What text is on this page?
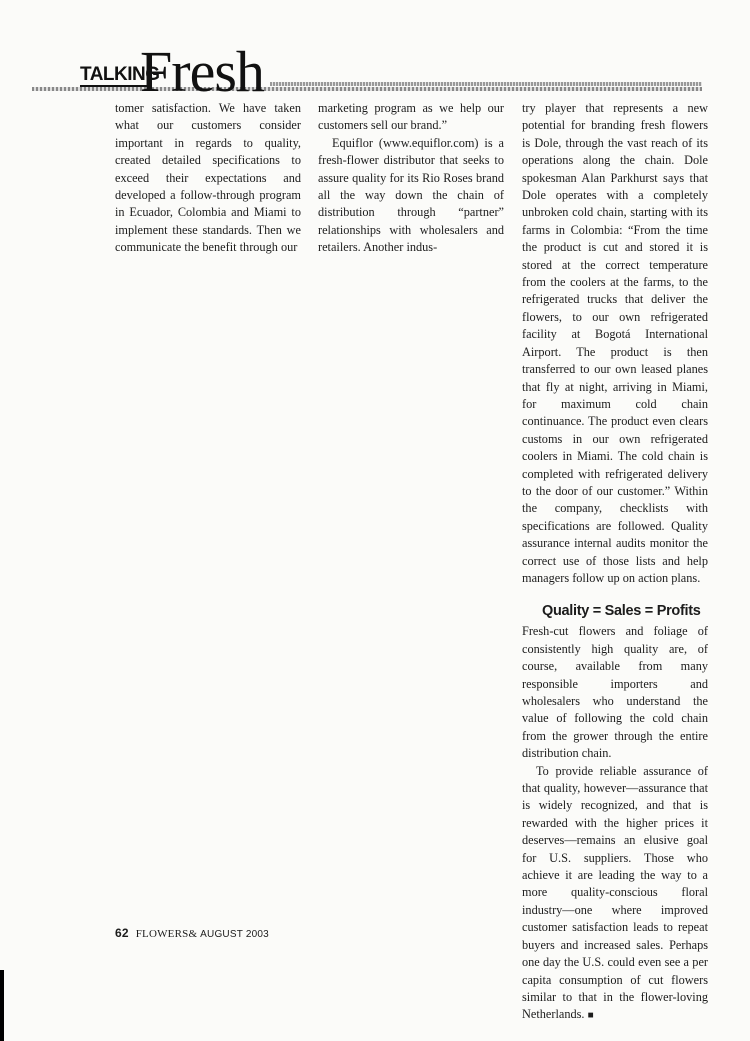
TALKING
Fresh

tomer satisfaction. We have taken what our customers consider important in regards to quality, created detailed specifications to exceed their expectations and developed a follow-through program in Ecuador, Colombia and Miami to implement these standards. Then we communicate the benefit through our

marketing program as we help our customers sell our brand.”

Equiflor (www.equiflor.com) is a fresh-flower distributor that seeks to assure quality for its Rio Roses brand all the way down the chain of distribution through “partner” relationships with wholesalers and retailers. Another indus-

try player that represents a new potential for branding fresh flowers is Dole, through the vast reach of its operations along the chain. Dole spokesman Alan Parkhurst says that Dole operates with a completely unbroken cold chain, starting with its farms in Colombia: “From the time the product is cut and stored it is stored at the correct temperature from the coolers at the farms, to the refrigerated trucks that deliver the flowers, to our own refrigerated facility at Bogotá International Airport. The product is then transferred to our own leased planes that fly at night, arriving in Miami, for maximum cold chain continuance. The product even clears customs in our own refrigerated coolers in Miami. The cold chain is completed with refrigerated delivery to the door of our customer.” Within the company, checklists with specifications are followed. Quality assurance internal audits monitor the correct use of those lists and help managers follow up on action plans.

Quality = Sales = Profits

Fresh-cut flowers and foliage of consistently high quality are, of course, available from many responsible importers and wholesalers who understand the value of following the cold chain from the grower through the entire distribution chain.

To provide reliable assurance of that quality, however—assurance that is widely recognized, and that is rewarded with the higher prices it deserves—remains an elusive goal for U.S. suppliers. Those who achieve it are leading the way to a more quality-conscious floral industry—one where improved customer satisfaction leads to repeat buyers and increased sales. Perhaps one day the U.S. could even see a per capita consumption of cut flowers similar to that in the flower-loving Netherlands. ■

62 FLOWERS& AUGUST 2003
